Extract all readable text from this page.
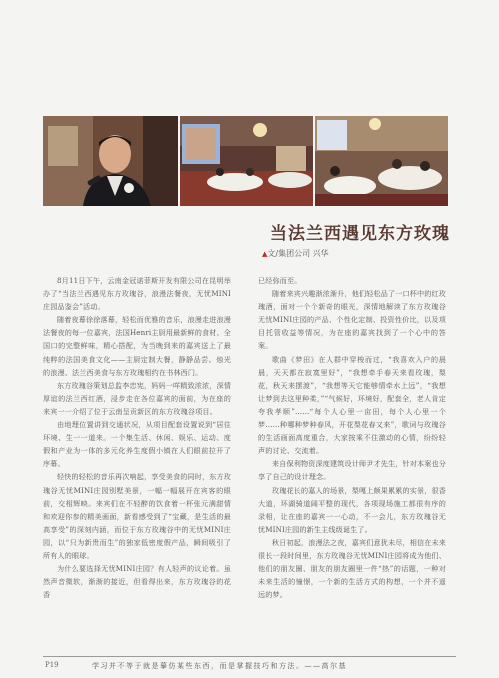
当法兰西遇见东方玫瑰
▲文/集团公司 兴华

8月11日下午，云南金冠诺菲斯开发有限公司在昆明举办了“当法兰西遇见东方玫瑰谷，浪漫法餐夜，无忧MINI庄园品鉴会”活动。

随着夜幕徐徐落幕，轻松而优雅的音乐，浪漫走进浪漫法餐夜的每一位嘉宾，法国Henri主厨用最新鲜的食材、全国口的完整鲜味，精心搭配，为当晚到来的嘉宾送上了最纯粹的法国美食文化——主厨定制大餐，静静品尝。烛光的浪漫、法兰西美食与东方玫瑰相约在书林西门。

东方玫瑰谷策划总监李忠宪，妈妈一咩精致浓浓，深情厚谊的法兰西红酒，浸步走在各位嘉宾的面前，为在座的来宾一一介绍了位于云南呈贡新区的东方玫瑰谷项目。

由地理位置讲到交通状况，从项目配套设置说到“居住环境、生一一道来。一个集生活、休闲、娱乐、运动、度假和产业为一体的多元化养生度假小镇在人们眼前拉开了序幕。

轻快的轻松的音乐再次响起，享受美食的同时，东方玫瑰谷无忧MINI庄园别墅美景，一幅一幅展开在宾客的眼前，交相辉映。来宾们在不轻醉的饮食着一杯张元满甜情和欢迎你参的精美画面，新看感受到了“宝藏，是生活的最高享受”的深刻内涵，而位于东方玫瑰谷中的无忧MINI庄园，以“只为新贵而生”的独家低密度假产品，瞬间吸引了所有人的眼球。

为什么要选择无忧MINI庄园？有人轻声的议论着。虽然声音微软，渐渐的接近，但看得出来，东方玫瑰谷的花香

已经弥而至。

随着来宾兴趣渐浓渐升，他们轻松品了一口杯中的红玫瑰酒，面对一个个新奇的眼光，深情地解读了东方玫瑰谷无忧MINI庄园的产品、个性化定制、投资性价比，以及项目托管收益等情况，为在座的嘉宾找到了一个心中的答案。

歌曲《梦田》在人群中穿梭而过，“我喜欢入户的晨晨，天天都在寂寞里好”，“我想牵手春天来看玫瑰，梨花，秋天来摆渡”，“我想等天它能够情牵水上远”，“我想让梦到去这里种柔，”“气候好，环境好，配套全，老人肯定夸我孝顺”……“每个人心里一亩田，每个人心里一个梦……种哪种梦种春风，开花梨花春又来”，歌词与玫瑰谷的生活画面高度重合，大家按乘不住激动的心情，纷纷轻声的讨论、交流着。

来自保利物资深度建筑设计师尹才先生，针对本案也分享了自己的设计理念。

玫瑰花长的嘉人的场景，梨嘎上颇果累累的实景，很香大道，环湖骑道阔平整的现代，各项现场施工都很有序的录相，让在座的嘉宾一一心动，不一会儿，东方玫瑰谷无忧MINI庄园的新生主线级诞生了。

秋日初起，浪漫法之夜，嘉宾们意犹未尽，相信在未来很长一段时间里，东方玫瑰谷无忧MINI庄园将成为他们、他们的朋友圈、朋友的朋友圈里一件“热”的话题，一种对未来生活的憧憬，一个新的生活方式的构想，一个并不遥远的梦。

P19	学习并不等于就是摹仿某些东西，而是掌握技巧和方法。——高尔基
